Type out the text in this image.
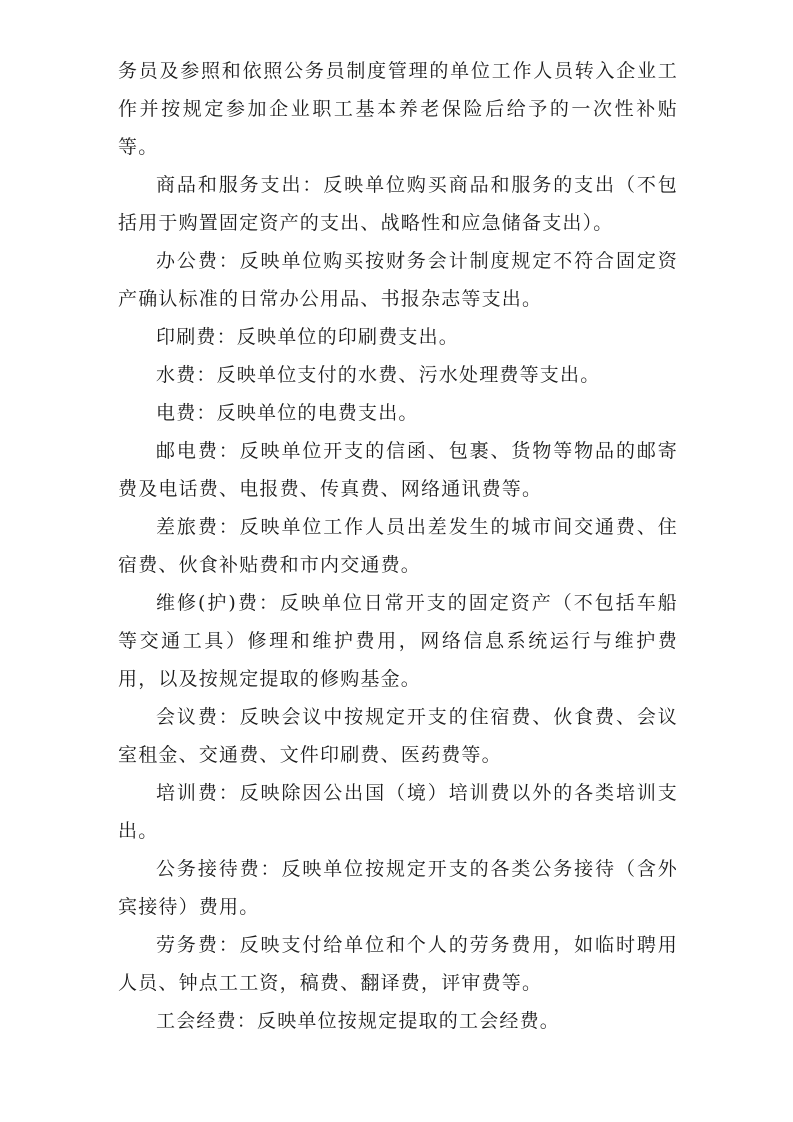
务员及参照和依照公务员制度管理的单位工作人员转入企业工作并按规定参加企业职工基本养老保险后给予的一次性补贴等。

商品和服务支出：反映单位购买商品和服务的支出（不包括用于购置固定资产的支出、战略性和应急储备支出）。

办公费：反映单位购买按财务会计制度规定不符合固定资产确认标准的日常办公用品、书报杂志等支出。

印刷费：反映单位的印刷费支出。

水费：反映单位支付的水费、污水处理费等支出。

电费：反映单位的电费支出。

邮电费：反映单位开支的信函、包裹、货物等物品的邮寄费及电话费、电报费、传真费、网络通讯费等。

差旅费：反映单位工作人员出差发生的城市间交通费、住宿费、伙食补贴费和市内交通费。

维修(护)费：反映单位日常开支的固定资产（不包括车船等交通工具）修理和维护费用，网络信息系统运行与维护费用，以及按规定提取的修购基金。

会议费：反映会议中按规定开支的住宿费、伙食费、会议室租金、交通费、文件印刷费、医药费等。

培训费：反映除因公出国（境）培训费以外的各类培训支出。

公务接待费：反映单位按规定开支的各类公务接待（含外宾接待）费用。

劳务费：反映支付给单位和个人的劳务费用，如临时聘用人员、钟点工工资，稿费、翻译费，评审费等。

工会经费：反映单位按规定提取的工会经费。
